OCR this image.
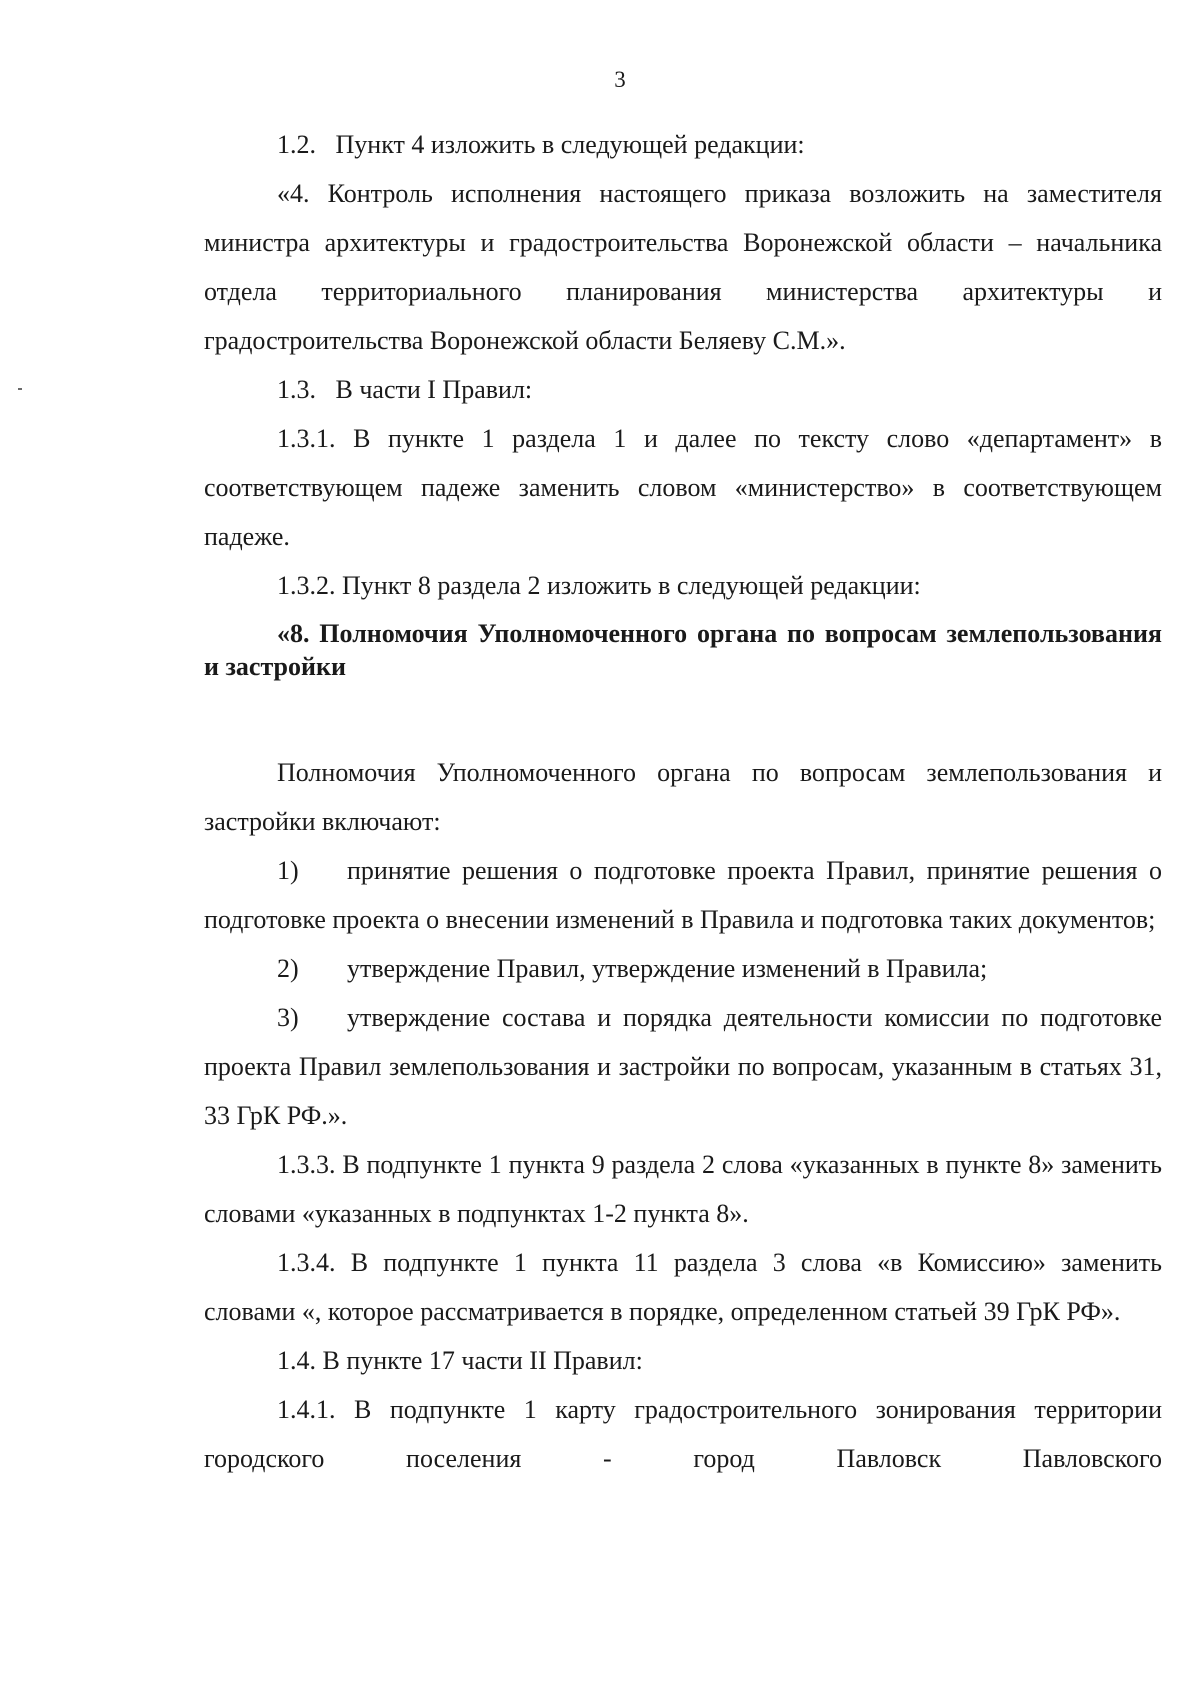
3

1.2.   Пункт 4 изложить в следующей редакции:

«4. Контроль исполнения настоящего приказа возложить на заместителя министра архитектуры и градостроительства Воронежской области – начальника отдела территориального планирования министерства архитектуры и градостроительства Воронежской области Беляеву С.М.».

1.3.   В части I Правил:

1.3.1. В пункте 1 раздела 1 и далее по тексту слово «департамент» в соответствующем падеже заменить словом «министерство» в соответствующем падеже.

1.3.2. Пункт 8 раздела 2 изложить в следующей редакции:

«8. Полномочия Уполномоченного органа по вопросам землепользования и застройки

Полномочия Уполномоченного органа по вопросам землепользования и застройки включают:

1) принятие решения о подготовке проекта Правил, принятие решения о подготовке проекта о внесении изменений в Правила и подготовка таких документов;

2) утверждение Правил, утверждение изменений в Правила;

3) утверждение состава и порядка деятельности комиссии по подготовке проекта Правил землепользования и застройки по вопросам, указанным в статьях 31, 33 ГрК РФ.».

1.3.3. В подпункте 1 пункта 9 раздела 2 слова «указанных в пункте 8» заменить словами «указанных в подпунктах 1-2 пункта 8».

1.3.4. В подпункте 1 пункта 11 раздела 3 слова «в Комиссию» заменить словами «, которое рассматривается в порядке, определенном статьей 39 ГрК РФ».

1.4. В пункте 17 части II Правил:

1.4.1. В подпункте 1 карту градостроительного зонирования территории городского поселения - город Павловск Павловского
